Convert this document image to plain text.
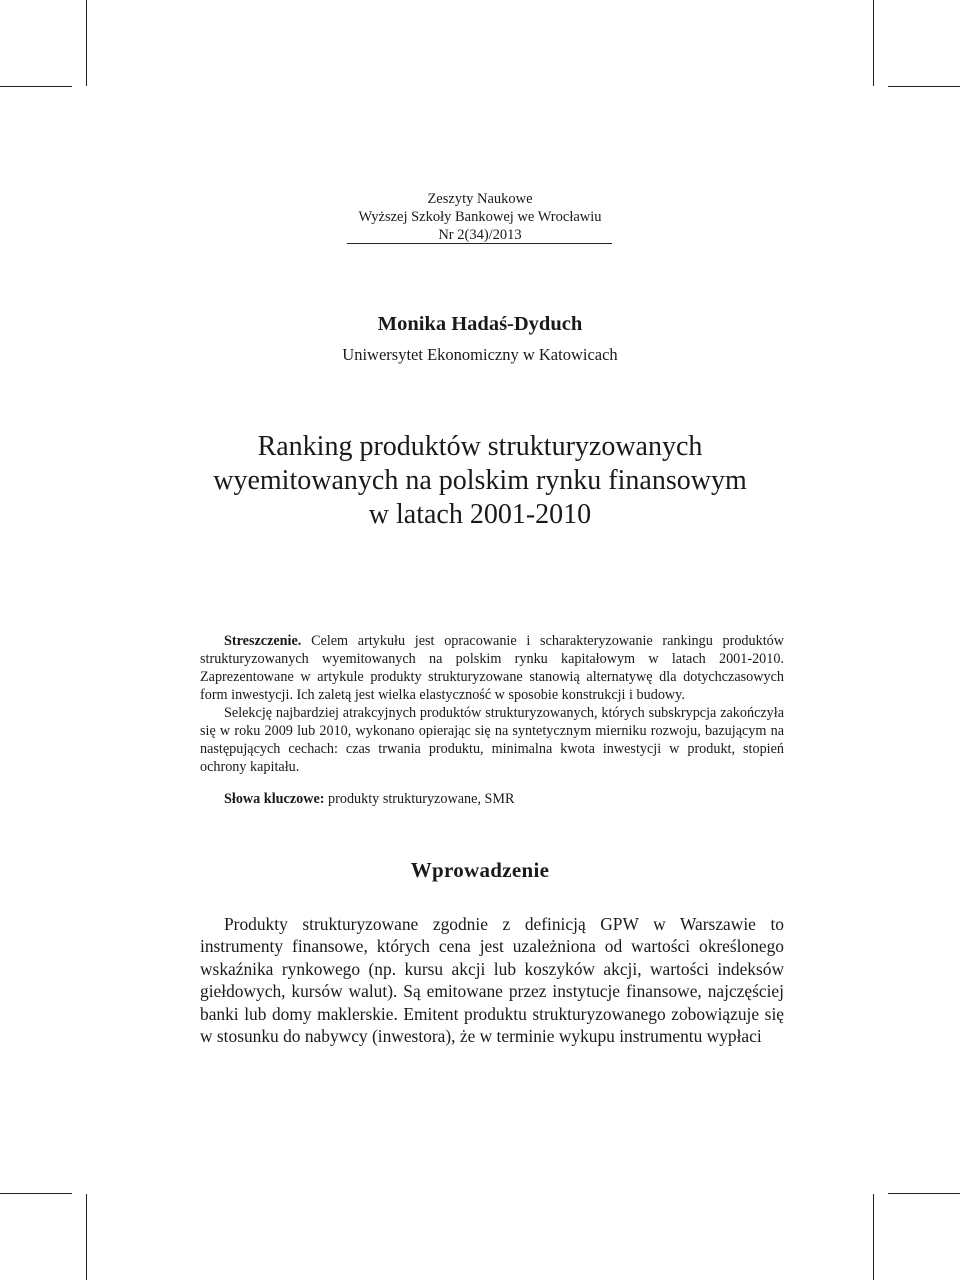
Zeszyty Naukowe
Wyższej Szkoły Bankowej we Wrocławiu
Nr 2(34)/2013
Monika Hadaś-Dyduch
Uniwersytet Ekonomiczny w Katowicach
Ranking produktów strukturyzowanych
wyemitowanych na polskim rynku finansowym
w latach 2001-2010

Streszczenie. Celem artykułu jest opracowanie i scharakteryzowanie rankingu produktów strukturyzowanych wyemitowanych na polskim rynku kapitałowym w latach 2001-2010. Zaprezentowane w artykule produkty strukturyzowane stanowią alternatywę dla dotychczasowych form inwestycji. Ich zaletą jest wielka elastyczność w sposobie konstrukcji i budowy.

Selekcję najbardziej atrakcyjnych produktów strukturyzowanych, których subskrypcja zakończyła się w roku 2009 lub 2010, wykonano opierając się na syntetycznym mierniku rozwoju, bazującym na następujących cechach: czas trwania produktu, minimalna kwota inwestycji w produkt, stopień ochrony kapitału.

Słowa kluczowe: produkty strukturyzowane, SMR
Wprowadzenie

Produkty strukturyzowane zgodnie z definicją GPW w Warszawie to instrumenty finansowe, których cena jest uzależniona od wartości określonego wskaźnika rynkowego (np. kursu akcji lub koszyków akcji, wartości indeksów giełdowych, kursów walut). Są emitowane przez instytucje finansowe, najczęściej banki lub domy maklerskie. Emitent produktu strukturyzowanego zobowiązuje się w stosunku do nabywcy (inwestora), że w terminie wykupu instrumentu wypłaci
